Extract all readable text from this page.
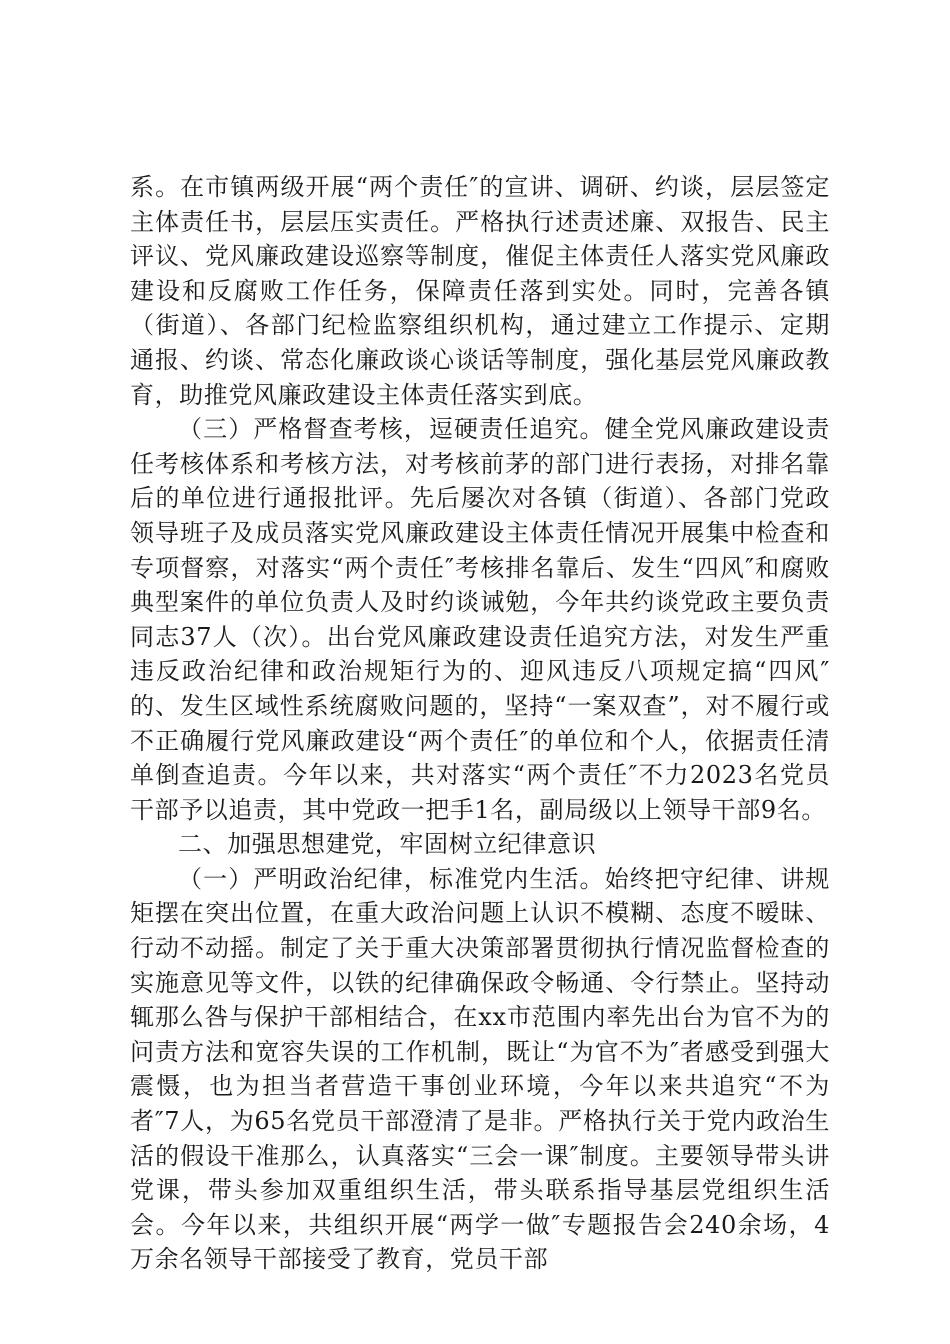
系。在市镇两级开展“两个责任″的宣讲、调研、约谈，层层签定主体责任书，层层压实责任。严格执行述责述廉、双报告、民主评议、党风廉政建设巡察等制度，催促主体责任人落实党风廉政建设和反腐败工作任务，保障责任落到实处。同时，完善各镇（街道）、各部门纪检监察组织机构，通过建立工作提示、定期通报、约谈、常态化廉政谈心谈话等制度，强化基层党风廉政教育，助推党风廉政建设主体责任落实到底。

（三）严格督查考核，逗硬责任追究。健全党风廉政建设责任考核体系和考核方法，对考核前茅的部门进行表扬，对排名靠后的单位进行通报批评。先后屡次对各镇（街道）、各部门党政领导班子及成员落实党风廉政建设主体责任情况开展集中检查和专项督察，对落实“两个责任″考核排名靠后、发生“四风″和腐败典型案件的单位负责人及时约谈诫勉，今年共约谈党政主要负责同志37人（次）。出台党风廉政建设责任追究方法，对发生严重违反政治纪律和政治规矩行为的、迎风违反八项规定搞“四风″的、发生区域性系统腐败问题的，坚持“一案双查”，对不履行或不正确履行党风廉政建设“两个责任″的单位和个人，依据责任清单倒查追责。今年以来，共对落实“两个责任″不力2023名党员干部予以追责，其中党政一把手1名，副局级以上领导干部9名。

二、加强思想建党，牢固树立纪律意识

（一）严明政治纪律，标准党内生活。始终把守纪律、讲规矩摆在突出位置，在重大政治问题上认识不模糊、态度不暧昧、行动不动摇。制定了关于重大决策部署贯彻执行情况监督检查的实施意见等文件，以铁的纪律确保政令畅通、令行禁止。坚持动辄那么咎与保护干部相结合，在xx市范围内率先出台为官不为的问责方法和宽容失误的工作机制，既让“为官不为″者感受到强大震慑，也为担当者营造干事创业环境，今年以来共追究“不为者″7人，为65名党员干部澄清了是非。严格执行关于党内政治生活的假设干准那么，认真落实“三会一课″制度。主要领导带头讲党课，带头参加双重组织生活，带头联系指导基层党组织生活会。今年以来，共组织开展“两学一做″专题报告会240余场，4万余名领导干部接受了教育，党员干部
